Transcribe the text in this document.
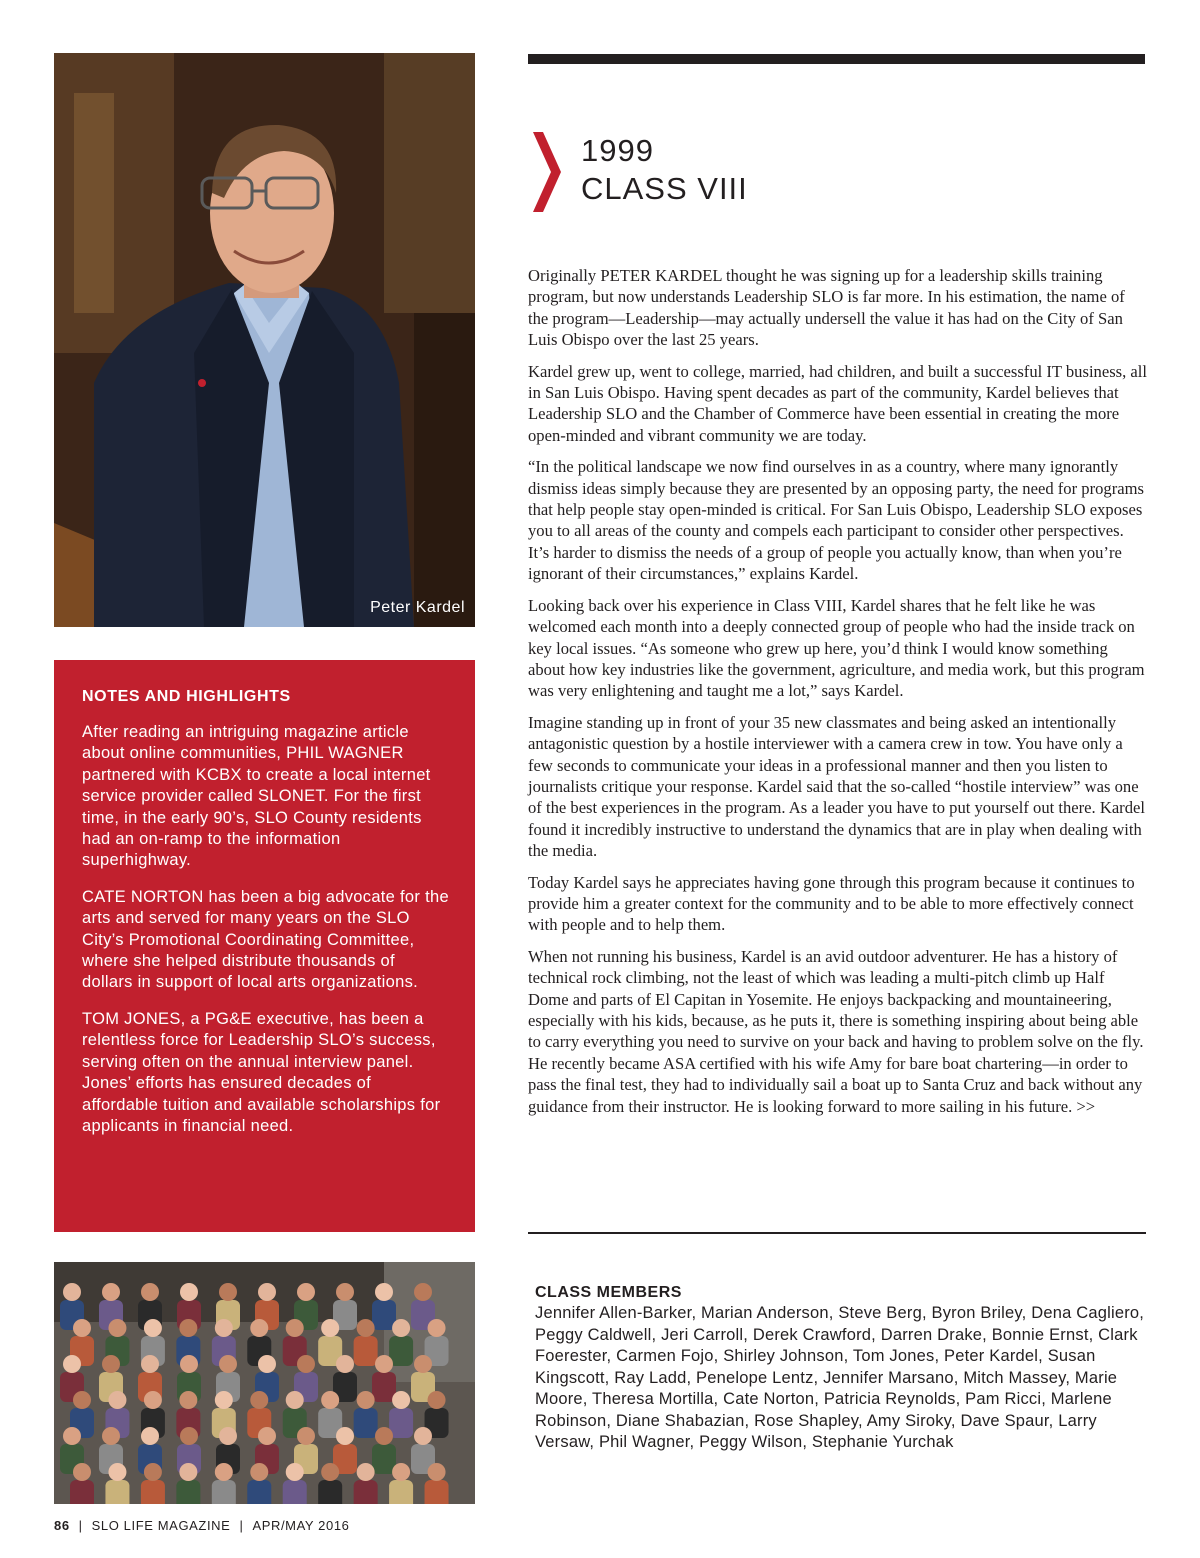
Peter Kardel
NOTES AND HIGHLIGHTS

After reading an intriguing magazine article about online communities, PHIL WAGNER partnered with KCBX to create a local internet service provider called SLONET. For the first time, in the early 90’s, SLO County residents had an on-ramp to the information superhighway.

CATE NORTON has been a big advocate for the arts and served for many years on the SLO City’s Promotional Coordinating Committee, where she helped distribute thousands of dollars in support of local arts organizations.

TOM JONES, a PG&E executive, has been a relentless force for Leadership SLO’s success, serving often on the annual interview panel. Jones’ efforts has ensured decades of affordable tuition and available scholarships for applicants in financial need.

1999
CLASS VIII

Originally PETER KARDEL thought he was signing up for a leadership skills training program, but now understands Leadership SLO is far more. In his estimation, the name of the program—Leadership—may actually undersell the value it has had on the City of San Luis Obispo over the last 25 years.

Kardel grew up, went to college, married, had children, and built a successful IT business, all in San Luis Obispo. Having spent decades as part of the community, Kardel believes that Leadership SLO and the Chamber of Commerce have been essential in creating the more open-minded and vibrant community we are today.

“In the political landscape we now find ourselves in as a country, where many ignorantly dismiss ideas simply because they are presented by an opposing party, the need for programs that help people stay open-minded is critical. For San Luis Obispo, Leadership SLO exposes you to all areas of the county and compels each participant to consider other perspectives. It’s harder to dismiss the needs of a group of people you actually know, than when you’re ignorant of their circumstances,” explains Kardel.

Looking back over his experience in Class VIII, Kardel shares that he felt like he was welcomed each month into a deeply connected group of people who had the inside track on key local issues. “As someone who grew up here, you’d think I would know something about how key industries like the government, agriculture, and media work, but this program was very enlightening and taught me a lot,” says Kardel.

Imagine standing up in front of your 35 new classmates and being asked an intentionally antagonistic question by a hostile interviewer with a camera crew in tow. You have only a few seconds to communicate your ideas in a professional manner and then you listen to journalists critique your response. Kardel said that the so-called “hostile interview” was one of the best experiences in the program. As a leader you have to put yourself out there. Kardel found it incredibly instructive to understand the dynamics that are in play when dealing with the media.

Today Kardel says he appreciates having gone through this program because it continues to provide him a greater context for the community and to be able to more effectively connect with people and to help them.

When not running his business, Kardel is an avid outdoor adventurer. He has a history of technical rock climbing, not the least of which was leading a multi-pitch climb up Half Dome and parts of El Capitan in Yosemite. He enjoys backpacking and mountaineering, especially with his kids, because, as he puts it, there is something inspiring about being able to carry everything you need to survive on your back and having to problem solve on the fly. He recently became ASA certified with his wife Amy for bare boat chartering—in order to pass the final test, they had to individually sail a boat up to Santa Cruz and back without any guidance from their instructor. He is looking forward to more sailing in his future. >>

CLASS MEMBERS
Jennifer Allen-Barker, Marian Anderson, Steve Berg, Byron Briley, Dena Cagliero, Peggy Caldwell, Jeri Carroll, Derek Crawford, Darren Drake, Bonnie Ernst, Clark Foerester, Carmen Fojo, Shirley Johnson, Tom Jones, Peter Kardel, Susan Kingscott, Ray Ladd, Penelope Lentz, Jennifer Marsano, Mitch Massey, Marie Moore, Theresa Mortilla, Cate Norton, Patricia Reynolds, Pam Ricci, Marlene Robinson, Diane Shabazian, Rose Shapley, Amy Siroky, Dave Spaur, Larry Versaw, Phil Wagner, Peggy Wilson, Stephanie Yurchak
86 | SLO LIFE MAGAZINE | APR/MAY 2016
